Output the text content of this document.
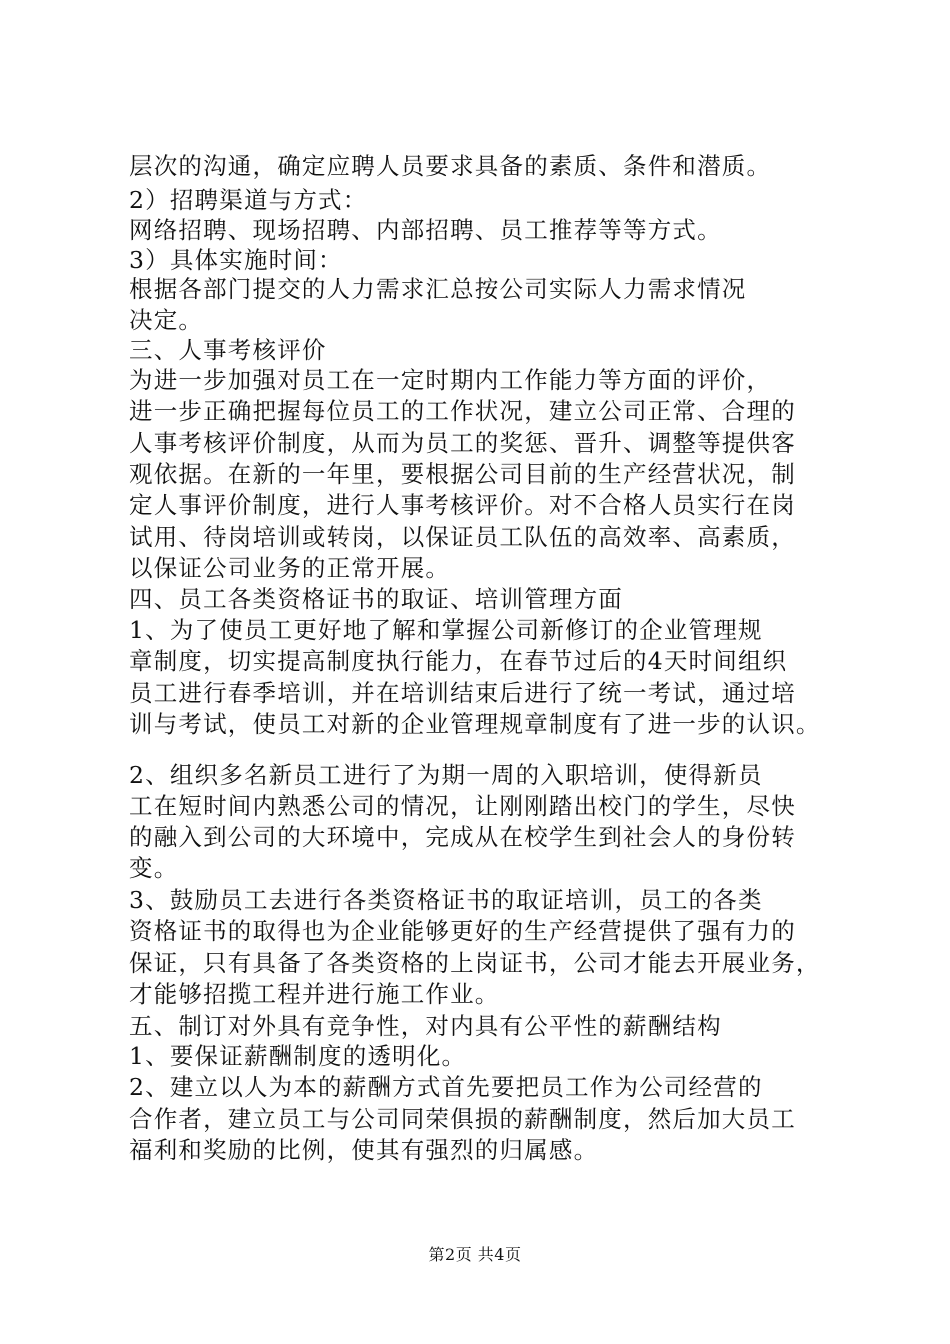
层次的沟通，确定应聘人员要求具备的素质、条件和潜质。
2）招聘渠道与方式：
网络招聘、现场招聘、内部招聘、员工推荐等等方式。
3）具体实施时间：
根据各部门提交的人力需求汇总按公司实际人力需求情况
决定。
三、人事考核评价
为进一步加强对员工在一定时期内工作能力等方面的评价，
进一步正确把握每位员工的工作状况，建立公司正常、合理的
人事考核评价制度，从而为员工的奖惩、晋升、调整等提供客
观依据。在新的一年里，要根据公司目前的生产经营状况，制
定人事评价制度，进行人事考核评价。对不合格人员实行在岗
试用、待岗培训或转岗，以保证员工队伍的高效率、高素质，
以保证公司业务的正常开展。
四、员工各类资格证书的取证、培训管理方面
1、为了使员工更好地了解和掌握公司新修订的企业管理规
章制度，切实提高制度执行能力，在春节过后的4天时间组织
员工进行春季培训，并在培训结束后进行了统一考试，通过培
训与考试，使员工对新的企业管理规章制度有了进一步的认识。
2、组织多名新员工进行了为期一周的入职培训，使得新员
工在短时间内熟悉公司的情况，让刚刚踏出校门的学生，尽快
的融入到公司的大环境中，完成从在校学生到社会人的身份转
变。
3、鼓励员工去进行各类资格证书的取证培训，员工的各类
资格证书的取得也为企业能够更好的生产经营提供了强有力的
保证，只有具备了各类资格的上岗证书，公司才能去开展业务，
才能够招揽工程并进行施工作业。
五、制订对外具有竞争性，对内具有公平性的薪酬结构
1、要保证薪酬制度的透明化。
2、建立以人为本的薪酬方式首先要把员工作为公司经营的
合作者，建立员工与公司同荣俱损的薪酬制度，然后加大员工
福利和奖励的比例，使其有强烈的归属感。
第2页 共4页
